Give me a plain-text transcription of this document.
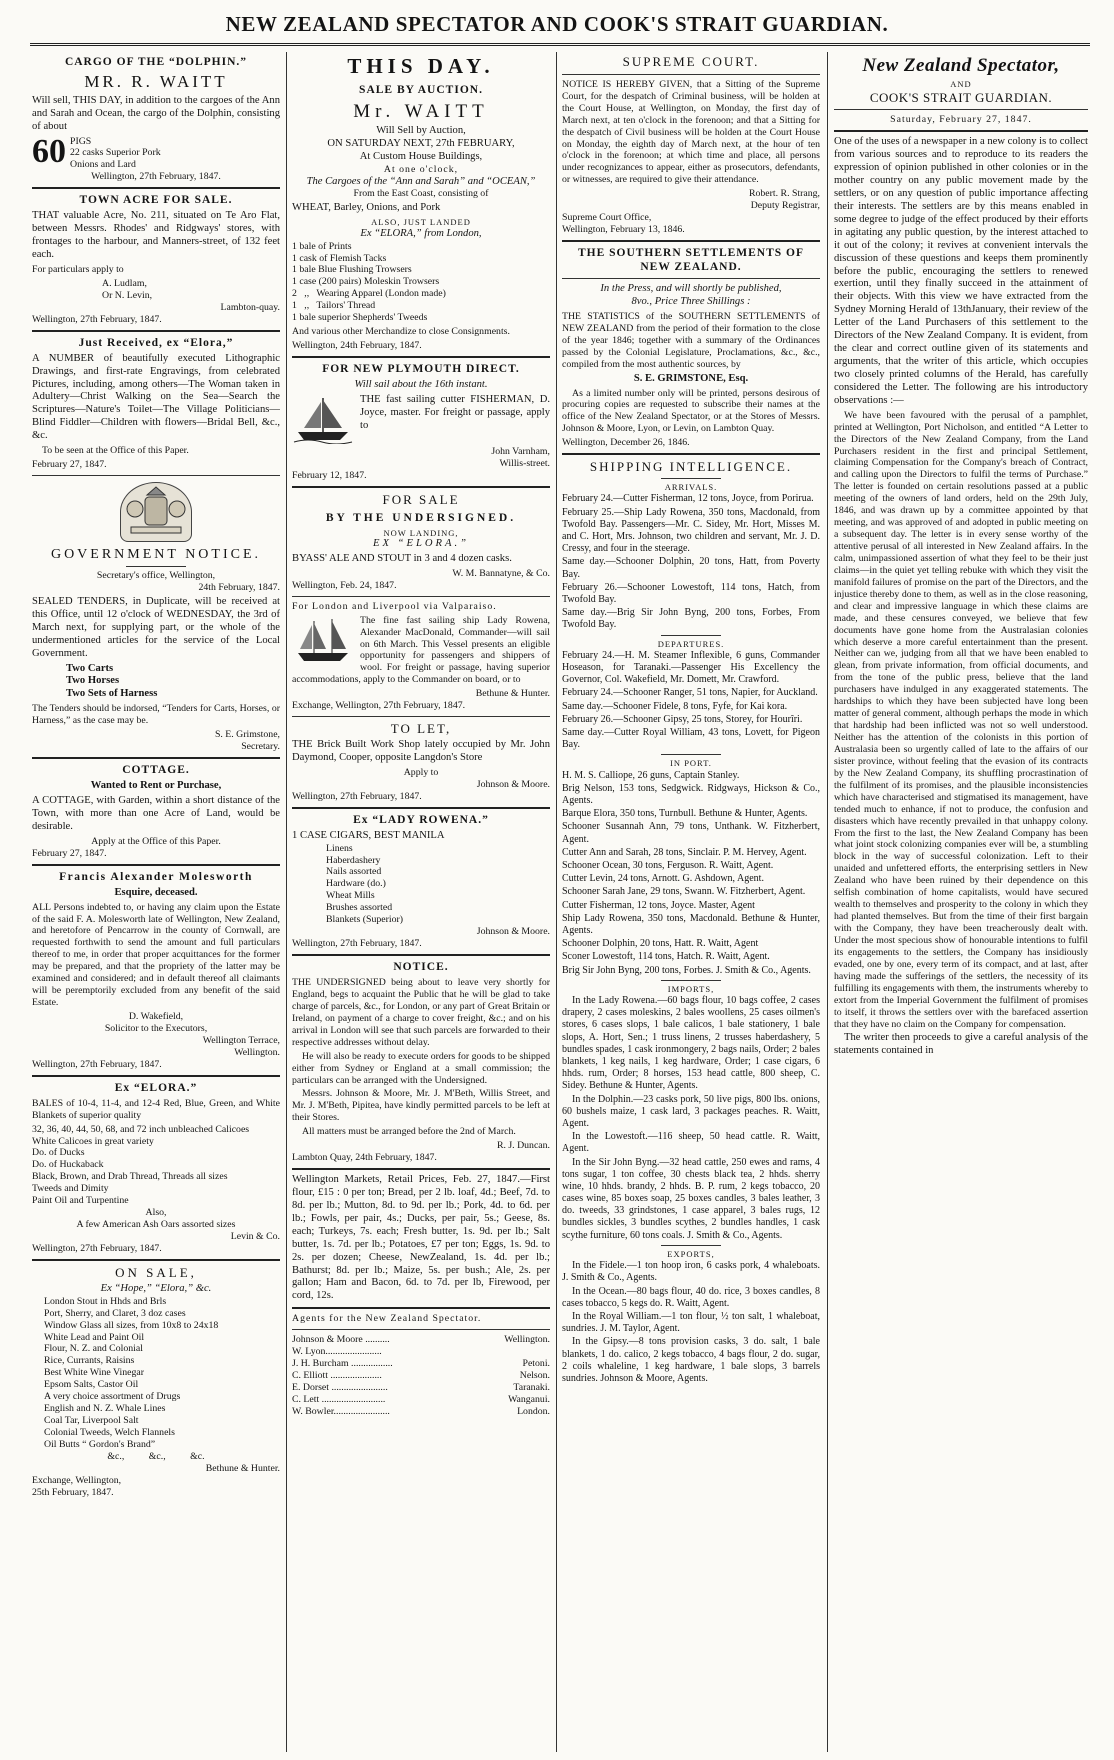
NEW ZEALAND SPECTATOR AND COOK'S STRAIT GUARDIAN.
CARGO OF THE “DOLPHIN.”
MR. R. WAITT
Will sell, THIS DAY, in addition to the cargoes of the Ann and Sarah and Ocean, the cargo of the Dolphin, consisting of about
60 PIGS
22 casks Superior Pork
Onions and Lard
Wellington, 27th February, 1847.
TOWN ACRE FOR SALE.
THAT valuable Acre, No. 211, situated on Te Aro Flat, between Messrs. Rhodes' and Ridgways' stores, with frontages to the harbour, and Manners-street, of 132 feet each.
For particulars apply to
A. Ludlam,
Or N. Levin,
Lambton-quay.
Wellington, 27th February, 1847.
Just Received, ex “Elora,”
A NUMBER of beautifully executed Lithographic Drawings, and first-rate Engravings, from celebrated Pictures, including, among others—The Woman taken in Adultery—Christ Walking on the Sea—Search the Scriptures—Nature's Toilet—The Village Politicians—Blind Fiddler—Children with flowers—Bridal Bell, &c., &c.
To be seen at the Office of this Paper.
February 27, 1847.
GOVERNMENT NOTICE.
Secretary's office, Wellington,
24th February, 1847.
SEALED TENDERS, in Duplicate, will be received at this Office, until 12 o'clock of WEDNESDAY, the 3rd of March next, for supplying part, or the whole of the undermentioned articles for the service of the Local Government.
Two Carts
Two Horses
Two Sets of Harness
The Tenders should be indorsed, “Tenders for Carts, Horses, or Harness,” as the case may be.
S. E. Grimstone,
Secretary.
COTTAGE.
Wanted to Rent or Purchase,
A COTTAGE, with Garden, within a short distance of the Town, with more than one Acre of Land, would be desirable.
Apply at the Office of this Paper.
February 27, 1847.
Francis Alexander Molesworth
Esquire, deceased.
ALL Persons indebted to, or having any claim upon the Estate of the said F. A. Molesworth late of Wellington, New Zealand, and heretofore of Pencarrow in the county of Cornwall, are requested forthwith to send the amount and full particulars thereof to me, in order that proper acquittances for the former may be prepared, and that the propriety of the latter may be examined and considered; and in default thereof all claimants will be peremptorily excluded from any benefit of the said Estate.
D. Wakefield,
Solicitor to the Executors,
Wellington Terrace,
Wellington.
Wellington, 27th February, 1847.
Ex “ELORA.”
BALES of 10-4, 11-4, and 12-4 Red, Blue, Green, and White Blankets of superior quality
32, 36, 40, 44, 50, 68, and 72 inch unbleached Calicoes
White Calicoes in great variety
Do. of Ducks
Do. of Huckaback
Black, Brown, and Drab Thread, Threads all sizes
Tweeds and Dimity
Paint Oil and Turpentine
Also,
A few American Ash Oars assorted sizes
Levin & Co.
Wellington, 27th February, 1847.
ON SALE,
Ex “Hope,” “Elora,” &c.
London Stout in Hhds and Brls
Port, Sherry, and Claret, 3 doz cases
Window Glass all sizes, from 10x8 to 24x18
White Lead and Paint Oil
Flour, N. Z. and Colonial
Rice, Currants, Raisins
Best White Wine Vinegar
Epsom Salts, Castor Oil
A very choice assortment of Drugs
English and N. Z. Whale Lines
Coal Tar, Liverpool Salt
Colonial Tweeds, Welch Flannels
Oil Butts “ Gordon's Brand”
&c.,          &c.,          &c.
Bethune & Hunter.
Exchange, Wellington,
25th February, 1847.
THIS DAY.
SALE BY AUCTION.
Mr. WAITT
Will Sell by Auction,
ON SATURDAY NEXT, 27th FEBRUARY,
At Custom House Buildings,
At one o'clock,
The Cargoes of the “Ann and Sarah” and “OCEAN,”
From the East Coast, consisting of
WHEAT, Barley, Onions, and Pork
ALSO, JUST LANDED
Ex “ELORA,” from London,
1 bale of Prints
1 cask of Flemish Tacks
1 bale Blue Flushing Trowsers
1 case (200 pairs) Moleskin Trowsers
2   ,,   Wearing Apparel (London made)
1   ,,   Tailors' Thread
1 bale superior Shepherds' Tweeds
And various other Merchandize to close Consignments.
Wellington, 24th February, 1847.
FOR NEW PLYMOUTH DIRECT.
Will sail about the 16th instant.
THE fast sailing cutter FISHERMAN, D. Joyce, master. For freight or passage, apply to
John Varnham,
Willis-street.
February 12, 1847.
FOR SALE
BY THE UNDERSIGNED.
NOW LANDING,
EX “ELORA.”
BYASS' ALE AND STOUT in 3 and 4 dozen casks.
W. M. Bannatyne, & Co.
Wellington, Feb. 24, 1847.
For London and Liverpool via Valparaiso.
The fine fast sailing ship Lady Rowena, Alexander MacDonald, Commander—will sail on 6th March. This Vessel presents an eligible opportunity for passengers and shippers of wool. For freight or passage, having superior accommodations, apply to the Commander on board, or to
Bethune & Hunter.
Exchange, Wellington, 27th February, 1847.
TO LET,
THE Brick Built Work Shop lately occupied by Mr. John Daymond, Cooper, opposite Langdon's Store
Apply to
Johnson & Moore.
Wellington, 27th February, 1847.
Ex “LADY ROWENA.”
1 CASE CIGARS, BEST MANILA
Linens
Haberdashery
Nails assorted
Hardware (do.)
Wheat Mills
Brushes assorted
Blankets (Superior)
Johnson & Moore.
Wellington, 27th February, 1847.
NOTICE.
THE UNDERSIGNED being about to leave very shortly for England, begs to acquaint the Public that he will be glad to take charge of parcels, &c., for London, or any part of Great Britain or Ireland, on payment of a charge to cover freight, &c.; and on his arrival in London will see that such parcels are forwarded to their respective addresses without delay.
He will also be ready to execute orders for goods to be shipped either from Sydney or England at a small commission; the particulars can be arranged with the Undersigned.
Messrs. Johnson & Moore, Mr. J. M'Beth, Willis Street, and Mr. J. M'Beth, Pipitea, have kindly permitted parcels to be left at their Stores.
All matters must be arranged before the 2nd of March.
R. J. Duncan.
Lambton Quay, 24th February, 1847.
Wellington Markets, Retail Prices, Feb. 27, 1847.—First flour, £15 : 0 per ton; Bread, per 2 lb. loaf, 4d.; Beef, 7d. to 8d. per lb.; Mutton, 8d. to 9d. per lb.; Pork, 4d. to 6d. per lb.; Fowls, per pair, 4s.; Ducks, per pair, 5s.; Geese, 8s. each; Turkeys, 7s. each; Fresh butter, 1s. 9d. per lb.; Salt butter, 1s. 7d. per lb.; Potatoes, £7 per ton; Eggs, 1s. 9d. to 2s. per dozen; Cheese, NewZealand, 1s. 4d. per lb.; Bathurst; 8d. per lb.; Maize, 5s. per bush.; Ale, 2s. per gallon; Ham and Bacon, 6d. to 7d. per lb, Firewood, per cord, 12s.
Agents for the New Zealand Spectator.
Johnson & Moore ..........	Wellington.
W. Lyon.......................
J. H. Burcham .................	Petoni.
C. Elliott .....................	Nelson.
E. Dorset .......................	Taranaki.
C. Lett ..........................	Wanganui.
W. Bowler.......................	London.
SUPREME COURT.
NOTICE IS HEREBY GIVEN, that a Sitting of the Supreme Court, for the despatch of Criminal business, will be holden at the Court House, at Wellington, on Monday, the first day of March next, at ten o'clock in the forenoon; and that a Sitting for the despatch of Civil business will be holden at the Court House on Monday, the eighth day of March next, at the hour of ten o'clock in the forenoon; at which time and place, all persons under recognizances to appear, either as prosecutors, defendants, or witnesses, are required to give their attendance.
Robert. R. Strang,
Deputy Registrar,
Supreme Court Office,
Wellington, February 13, 1846.
THE SOUTHERN SETTLEMENTS OF NEW ZEALAND.
In the Press, and will shortly be published,
8vo., Price Three Shillings :
THE STATISTICS of the SOUTHERN SETTLEMENTS of NEW ZEALAND from the period of their formation to the close of the year 1846; together with a summary of the Ordinances passed by the Colonial Legislature, Proclamations, &c., &c., compiled from the most authentic sources, by
S. E. GRIMSTONE, Esq.
As a limited number only will be printed, persons desirous of procuring copies are requested to subscribe their names at the office of the New Zealand Spectator, or at the Stores of Messrs. Johnson & Moore, Lyon, or Levin, on Lambton Quay.
Wellington, December 26, 1846.
SHIPPING INTELLIGENCE.
ARRIVALS.
February 24.—Cutter Fisherman, 12 tons, Joyce, from Porirua.
February 25.—Ship Lady Rowena, 350 tons, Macdonald, from Twofold Bay. Passengers—Mr. C. Sidey, Mr. Hort, Misses M. and C. Hort, Mrs. Johnson, two children and servant, Mr. J. D. Cressy, and four in the steerage.
Same day.—Schooner Dolphin, 20 tons, Hatt, from Poverty Bay.
February 26.—Schooner Lowestoft, 114 tons, Hatch, from Twofold Bay.
Same day.—Brig Sir John Byng, 200 tons, Forbes, From Twofold Bay.
DEPARTURES.
February 24.—H. M. Steamer Inflexible, 6 guns, Commander Hoseason, for Taranaki.—Passenger His Excellency the Governor, Col. Wakefield, Mr. Domett, Mr. Crawford.
February 24.—Schooner Ranger, 51 tons, Napier, for Auckland.
Same day.—Schooner Fidele, 8 tons, Fyfe, for Kai kora.
February 26.—Schooner Gipsy, 25 tons, Storey, for Hourîri.
Same day.—Cutter Royal William, 43 tons, Lovett, for Pigeon Bay.
IN PORT.
H. M. S. Calliope, 26 guns, Captain Stanley.
Brig Nelson, 153 tons, Sedgwick. Ridgways, Hickson & Co., Agents.
Barque Elora, 350 tons, Turnbull. Bethune & Hunter, Agents.
Schooner Susannah Ann, 79 tons, Unthank. W. Fitzherbert, Agent.
Cutter Ann and Sarah, 28 tons, Sinclair. P. M. Hervey, Agent.
Schooner Ocean, 30 tons, Ferguson. R. Waitt, Agent.
Cutter Levin, 24 tons, Arnott. G. Ashdown, Agent.
Schooner Sarah Jane, 29 tons, Swann. W. Fitzherbert, Agent.
Cutter Fisherman, 12 tons, Joyce. Master, Agent
Ship Lady Rowena, 350 tons, Macdonald. Bethune & Hunter, Agents.
Schooner Dolphin, 20 tons, Hatt. R. Waitt, Agent
Sconer Lowestoft, 114 tons, Hatch. R. Waitt, Agent.
Brig Sir John Byng, 200 tons, Forbes. J. Smith & Co., Agents.
IMPORTS,
In the Lady Rowena.—60 bags flour, 10 bags coffee, 2 cases drapery, 2 cases moleskins, 2 bales woollens, 25 cases oilmen's stores, 6 cases slops, 1 bale calicos, 1 bale stationery, 1 bale slops, A. Hort, Sen.; 1 truss linens, 2 trusses haberdashery, 5 bundles spades, 1 cask ironmongery, 2 bags nails, Order; 2 bales blankets, 1 keg nails, 1 keg hardware, Order; 1 case cigars, 6 hhds. rum, Order; 8 horses, 153 head cattle, 800 sheep, C. Sidey. Bethune & Hunter, Agents.
In the Dolphin.—23 casks pork, 50 live pigs, 800 lbs. onions, 60 bushels maize, 1 cask lard, 3 packages peaches. R. Waitt, Agent.
In the Lowestoft.—116 sheep, 50 head cattle. R. Waitt, Agent.
In the Sir John Byng.—32 head cattle, 250 ewes and rams, 4 tons sugar, 1 ton coffee, 30 chests black tea, 2 hhds. sherry wine, 10 hhds. brandy, 2 hhds. B. P. rum, 2 kegs tobacco, 20 cases wine, 85 boxes soap, 25 boxes candles, 3 bales leather, 3 do. tweeds, 33 grindstones, 1 case apparel, 3 bales rugs, 12 bundles sickles, 3 bundles scythes, 2 bundles handles, 1 cask scythe furniture, 60 tons coals. J. Smith & Co., Agents.
EXPORTS,
In the Fidele.—1 ton hoop iron, 6 casks pork, 4 whaleboats. J. Smith & Co., Agents.
In the Ocean.—80 bags flour, 40 do. rice, 3 boxes candles, 8 cases tobacco, 5 kegs do. R. Waitt, Agent.
In the Royal William.—1 ton flour, ½ ton salt, 1 whaleboat, sundries. J. M. Taylor, Agent.
In the Gipsy.—8 tons provision casks, 3 do. salt, 1 bale blankets, 1 do. calico, 2 kegs tobacco, 4 bags flour, 2 do. sugar, 2 coils whaleline, 1 keg hardware, 1 bale slops, 3 barrels sundries. Johnson & Moore, Agents.
New Zealand Spectator,
AND
COOK'S STRAIT GUARDIAN.
Saturday, February 27, 1847.
One of the uses of a newspaper in a new colony is to collect from various sources and to reproduce to its readers the expression of opinion published in other colonies or in the mother country on any public movement made by the settlers, or on any question of public importance affecting their interests. The settlers are by this means enabled in some degree to judge of the effect produced by their efforts in agitating any public question, by the interest attached to it out of the colony; it revives at convenient intervals the discussion of these questions and keeps them prominently before the public, encouraging the settlers to renewed exertion, until they finally succeed in the attainment of their objects. With this view we have extracted from the Sydney Morning Herald of 13thJanuary, their review of the Letter of the Land Purchasers of this settlement to the Directors of the New Zealand Company. It is evident, from the clear and correct outline given of its statements and arguments, that the writer of this article, which occupies two closely printed columns of the Herald, has carefully considered the Letter. The following are his introductory observations :—
We have been favoured with the perusal of a pamphlet, printed at Wellington, Port Nicholson, and entitled “A Letter to the Directors of the New Zealand Company, from the Land Purchasers resident in the first and principal Settlement, claiming Compensation for the Company's breach of Contract, and calling upon the Directors to fulfil the terms of Purchase.” The letter is founded on certain resolutions passed at a public meeting of the owners of land orders, held on the 29th July, 1846, and was drawn up by a committee appointed by that meeting, and was approved of and adopted in public meeting on a subsequent day. The letter is in every sense worthy of the attentive perusal of all interested in New Zealand affairs. In the calm, unimpassioned assertion of what they feel to be their just claims—in the quiet yet telling rebuke with which they visit the manifold failures of promise on the part of the Directors, and the injustice thereby done to them, as well as in the close reasoning, and clear and impressive language in which these claims are made, and these censures conveyed, we believe that few documents have gone home from the Australasian colonies which deserve a more careful entertainment than the present. Neither can we, judging from all that we have been enabled to glean, from private information, from official documents, and from the tone of the public press, believe that the land purchasers have indulged in any exaggerated statements. The hardships to which they have been subjected have long been matter of general comment, although perhaps the mode in which that hardship had been inflicted was not so well understood. Neither has the attention of the colonists in this portion of Australasia been so urgently called of late to the affairs of our sister province, without feeling that the evasion of its contracts by the New Zealand Company, its shuffling procrastination of the fulfilment of its promises, and the plausible inconsistencies which have characterised and stigmatised its management, have tended much to enhance, if not to produce, the confusion and disasters which have recently prevailed in that unhappy colony. From the first to the last, the New Zealand Company has been what joint stock colonizing companies ever will be, a stumbling block in the way of successful colonization. Left to their unaided and unfettered efforts, the enterprising settlers in New Zealand who have been ruined by their dependence on this selfish combination of home capitalists, would have secured wealth to themselves and prosperity to the colony in which they had planted themselves. But from the time of their first bargain with the Company, they have been treacherously dealt with. Under the most specious show of honourable intentions to fulfil its engagements to the settlers, the Company has insidiously evaded, one by one, every term of its compact, and at last, after having made the sufferings of the settlers, the necessity of its fulfilling its engagements with them, the instruments whereby to extort from the Imperial Government the fulfilment of promises to itself, it throws the settlers over with the barefaced assertion that they have no claim on the Company for compensation.
The writer then proceeds to give a careful analysis of the statements contained in
